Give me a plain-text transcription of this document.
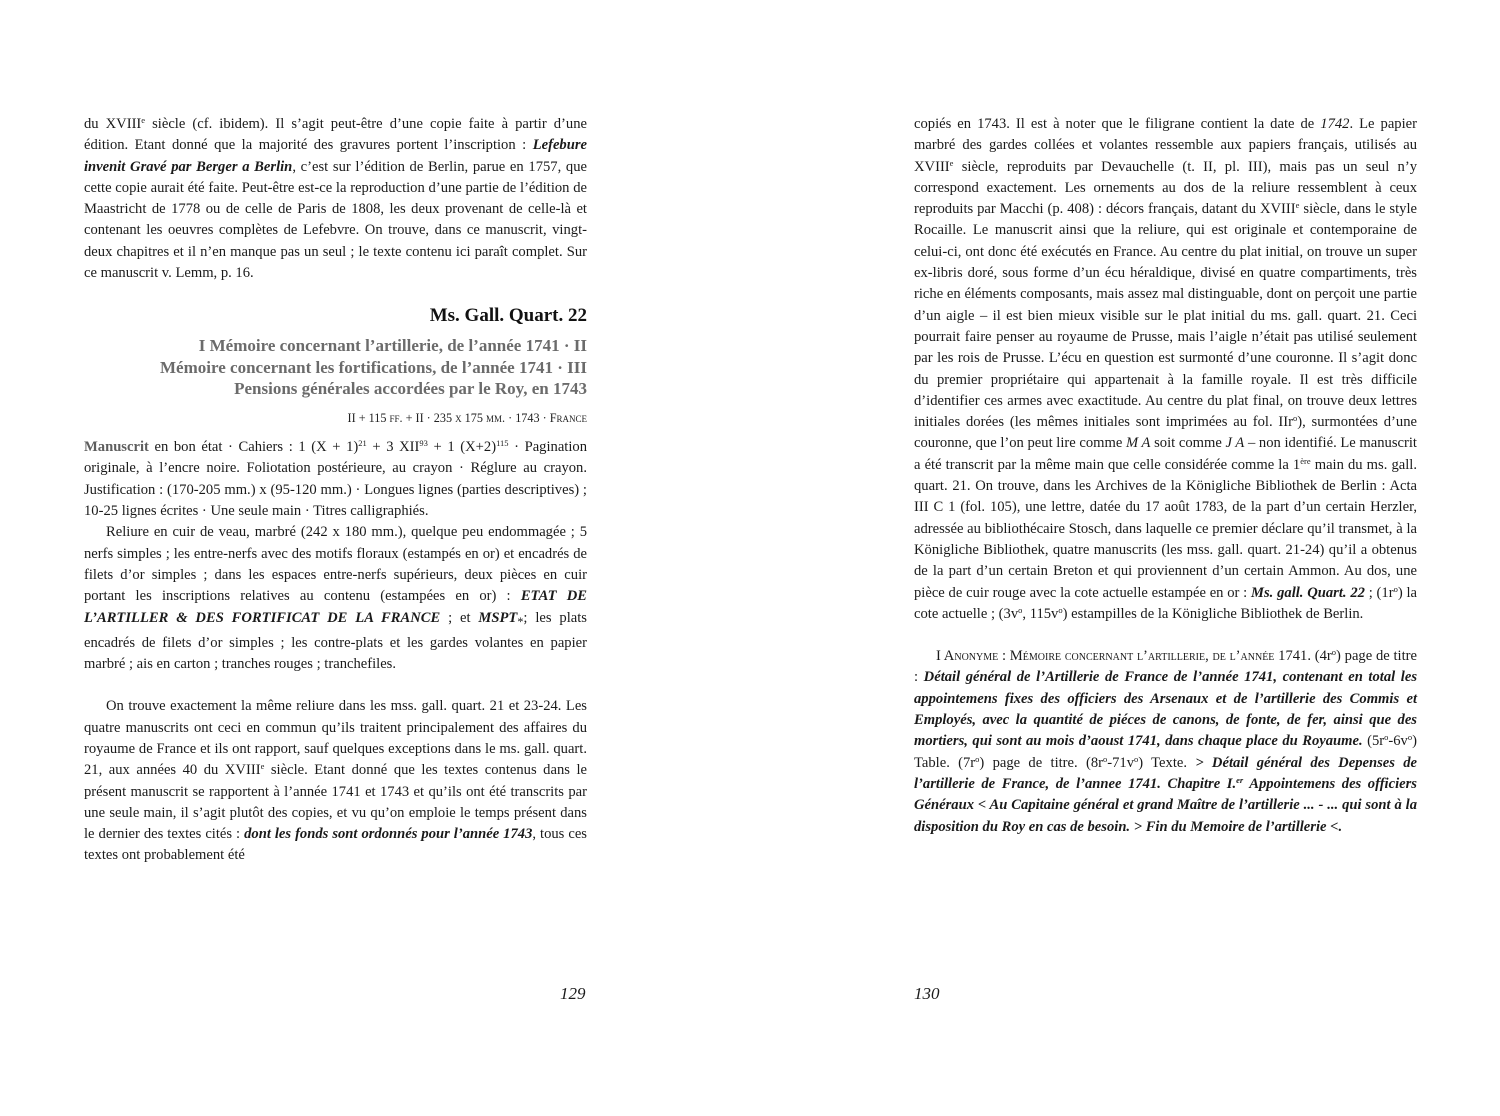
du XVIIIe siècle (cf. ibidem). Il s’agit peut-être d’une copie faite à partir d’une édition. Etant donné que la majorité des gravures portent l’inscription : Lefebure invenit Gravé par Berger a Berlin, c’est sur l’édition de Berlin, parue en 1757, que cette copie aurait été faite. Peut-être est-ce la reproduction d’une partie de l’édition de Maastricht de 1778 ou de celle de Paris de 1808, les deux provenant de celle-là et contenant les oeuvres complètes de Lefebvre. On trouve, dans ce manuscrit, vingt-deux chapitres et il n’en manque pas un seul ; le texte contenu ici paraît complet. Sur ce manuscrit v. Lemm, p. 16.

Ms. Gall. Quart. 22
I Mémoire concernant l’artillerie, de l’année 1741 · II
Mémoire concernant les fortifications, de l’année 1741 · III
Pensions générales accordées par le Roy, en 1743
II + 115 ff. + II · 235 x 175 mm. · 1743 · France

Manuscrit en bon état · Cahiers : 1 $(X + 1)^{21} + 3$ $XII^{93} + 1$ $(X+2)^{115}$ · Pagination originale, à l’encre noire. Foliotation postérieure, au crayon · Réglure au crayon. Justification : (170-205 mm.) x (95-120 mm.) · Longues lignes (parties descriptives) ; 10-25 lignes écrites · Une seule main · Titres calligraphiés.

Reliure en cuir de veau, marbré (242 x 180 mm.), quelque peu endommagée ; 5 nerfs simples ; les entre-nerfs avec des motifs floraux (estampés en or) et encadrés de filets d’or simples ; dans les espaces entre-nerfs supérieurs, deux pièces en cuir portant les inscriptions relatives au contenu (estampées en or) : ETAT DE L’ARTILLER & DES FORTIFICAT DE LA FRANCE ; et $MSPT_*$; les plats encadrés de filets d’or simples ; les contre-plats et les gardes volantes en papier marbré ; ais en carton ; tranches rouges ; tranchefiles.

On trouve exactement la même reliure dans les mss. gall. quart. 21 et 23-24. Les quatre manuscrits ont ceci en commun qu’ils traitent principalement des affaires du royaume de France et ils ont rapport, sauf quelques exceptions dans le ms. gall. quart. 21, aux années 40 du XVIIIe siècle. Etant donné que les textes contenus dans le présent manuscrit se rapportent à l’année 1741 et 1743 et qu’ils ont été transcrits par une seule main, il s’agit plutôt des copies, et vu qu’on emploie le temps présent dans le dernier des textes cités : dont les fonds sont ordonnés pour l’année 1743, tous ces textes ont probablement été

129

copiés en 1743. Il est à noter que le filigrane contient la date de 1742. Le papier marbré des gardes collées et volantes ressemble aux papiers français, utilisés au XVIIIe siècle, reproduits par Devauchelle (t. II, pl. III), mais pas un seul n’y correspond exactement. Les ornements au dos de la reliure ressemblent à ceux reproduits par Macchi (p. 408) : décors français, datant du XVIIIe siècle, dans le style Rocaille. Le manuscrit ainsi que la reliure, qui est originale et contemporaine de celui-ci, ont donc été exécutés en France. Au centre du plat initial, on trouve un super ex-libris doré, sous forme d’un écu héraldique, divisé en quatre compartiments, très riche en éléments composants, mais assez mal distinguable, dont on perçoit une partie d’un aigle – il est bien mieux visible sur le plat initial du ms. gall. quart. 21. Ceci pourrait faire penser au royaume de Prusse, mais l’aigle n’était pas utilisé seulement par les rois de Prusse. L’écu en question est surmonté d’une couronne. Il s’agit donc du premier propriétaire qui appartenait à la famille royale. Il est très difficile d’identifier ces armes avec exactitude. Au centre du plat final, on trouve deux lettres initiales dorées (les mêmes initiales sont imprimées au fol. IIr$^o$), surmontées d’une couronne, que l’on peut lire comme M A soit comme J A – non identifié. Le manuscrit a été transcrit par la même main que celle considérée comme la 1ère main du ms. gall. quart. 21. On trouve, dans les Archives de la Königliche Bibliothek de Berlin : Acta III C 1 (fol. 105), une lettre, datée du 17 août 1783, de la part d’un certain Herzler, adressée au bibliothécaire Stosch, dans laquelle ce premier déclare qu’il transmet, à la Königliche Bibliothek, quatre manuscrits (les mss. gall. quart. 21-24) qu’il a obtenus de la part d’un certain Breton et qui proviennent d’un certain Ammon. Au dos, une pièce de cuir rouge avec la cote actuelle estampée en or : Ms. gall. Quart. 22 ; $(1r^o)$ la cote actuelle ; ($3v^o$, $115v^o$) estampilles de la Königliche Bibliothek de Berlin.

I Anonyme : Mémoire concernant l’artillerie, de l’année 1741. $(4r^o)$ page de titre : Détail général de l’Artillerie de France de l’année 1741, contenant en total les appointemens fixes des officiers des Arsenaux et de l’artillerie des Commis et Employés, avec la quantité de piéces de canons, de fonte, de fer, ainsi que des mortiers, qui sont au mois d’aoust 1741, dans chaque place du Royaume. $(5r^o-6v^o)$ Table. $(7r^o)$ page de titre. $(8r^o-71v^o)$ Texte. > Détail général des Depenses de l’artillerie de France, de l’annee 1741. Chapitre I.$^{er}$ Appointemens des officiers Généraux < Au Capitaine général et grand Maître de l’artillerie ... - ... qui sont à la disposition du Roy en cas de besoin. > Fin du Memoire de l’artillerie <.

130
